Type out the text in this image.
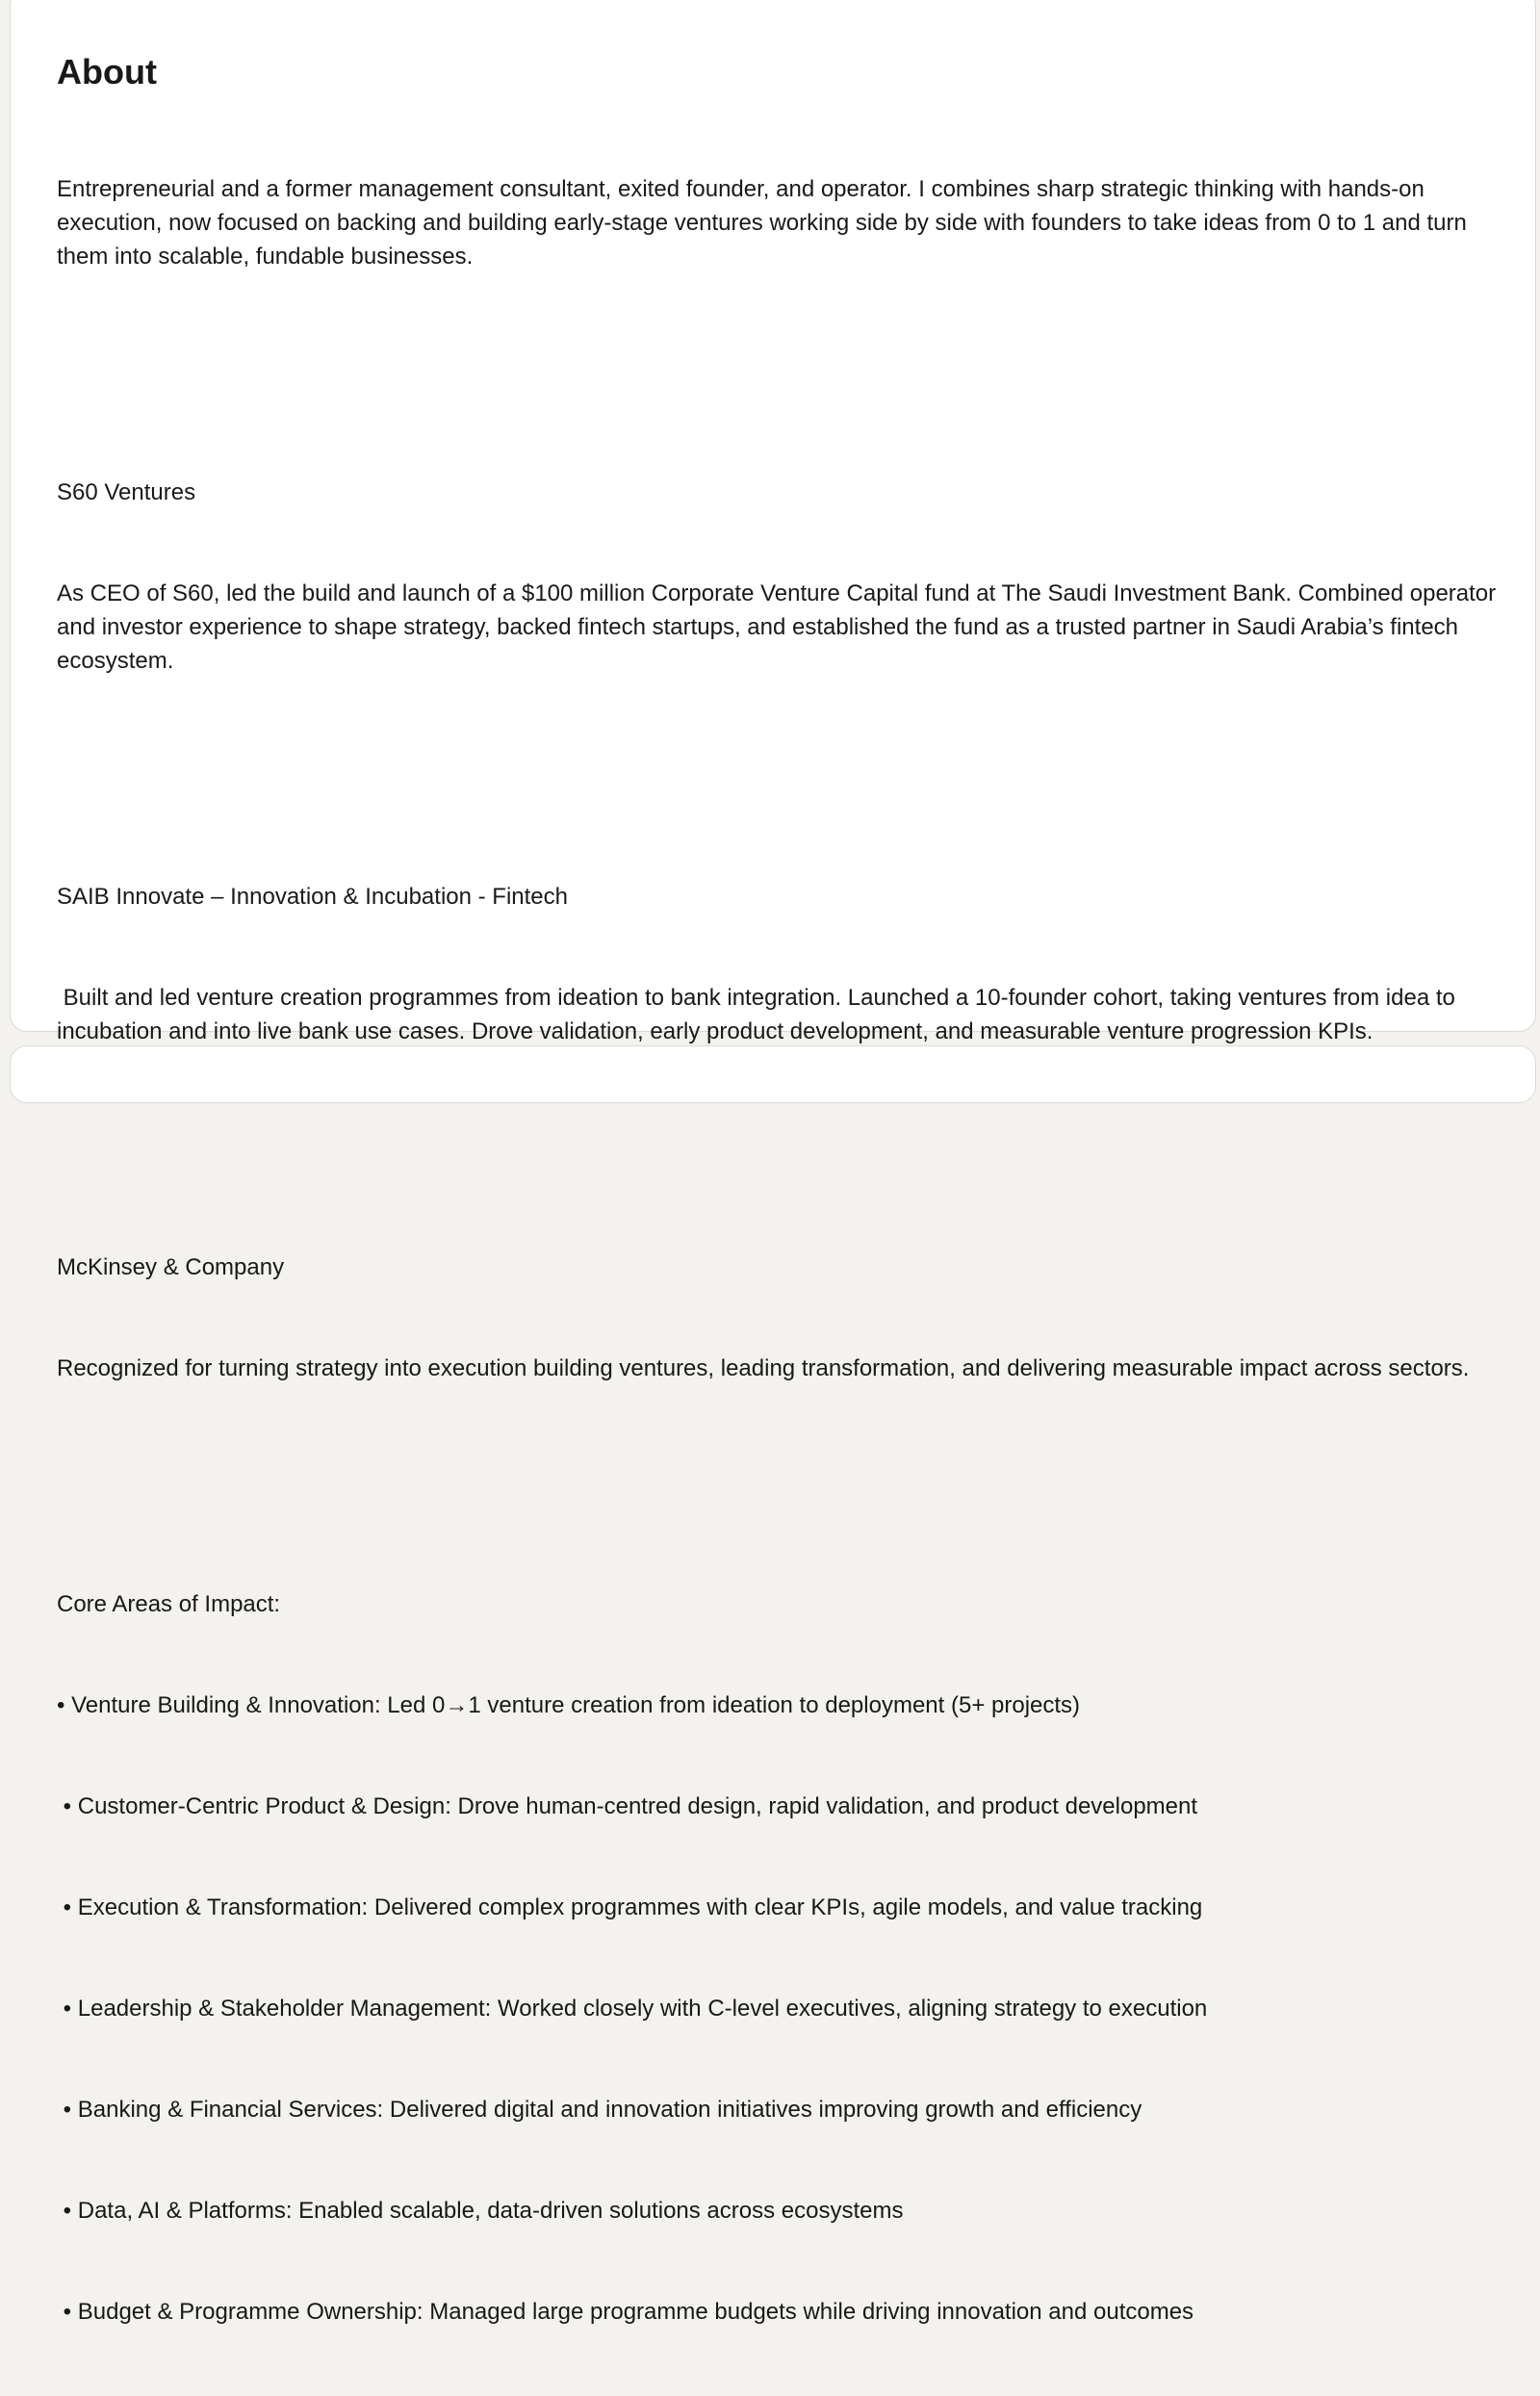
About

Entrepreneurial and a former management consultant, exited founder, and operator. I combines sharp strategic thinking with hands-on execution, now focused on backing and building early-stage ventures working side by side with founders to take ideas from 0 to 1 and turn them into scalable, fundable businesses.

S60 Ventures

As CEO of S60, led the build and launch of a $100 million Corporate Venture Capital fund at The Saudi Investment Bank. Combined operator and investor experience to shape strategy, backed fintech startups, and established the fund as a trusted partner in Saudi Arabia’s fintech ecosystem.

SAIB Innovate – Innovation & Incubation - Fintech

Built and led venture creation programmes from ideation to bank integration. Launched a 10-founder cohort, taking ventures from idea to incubation and into live bank use cases. Drove validation, early product development, and measurable venture progression KPIs.

McKinsey & Company

Recognized for turning strategy into execution building ventures, leading transformation, and delivering measurable impact across sectors.

Core Areas of Impact:

• Venture Building & Innovation: Led 0→1 venture creation from ideation to deployment (5+ projects)

• Customer-Centric Product & Design: Drove human-centred design, rapid validation, and product development

• Execution & Transformation: Delivered complex programmes with clear KPIs, agile models, and value tracking

• Leadership & Stakeholder Management: Worked closely with C-level executives, aligning strategy to execution

• Banking & Financial Services: Delivered digital and innovation initiatives improving growth and efficiency

• Data, AI & Platforms: Enabled scalable, data-driven solutions across ecosystems

• Budget & Programme Ownership: Managed large programme budgets while driving innovation and outcomes
